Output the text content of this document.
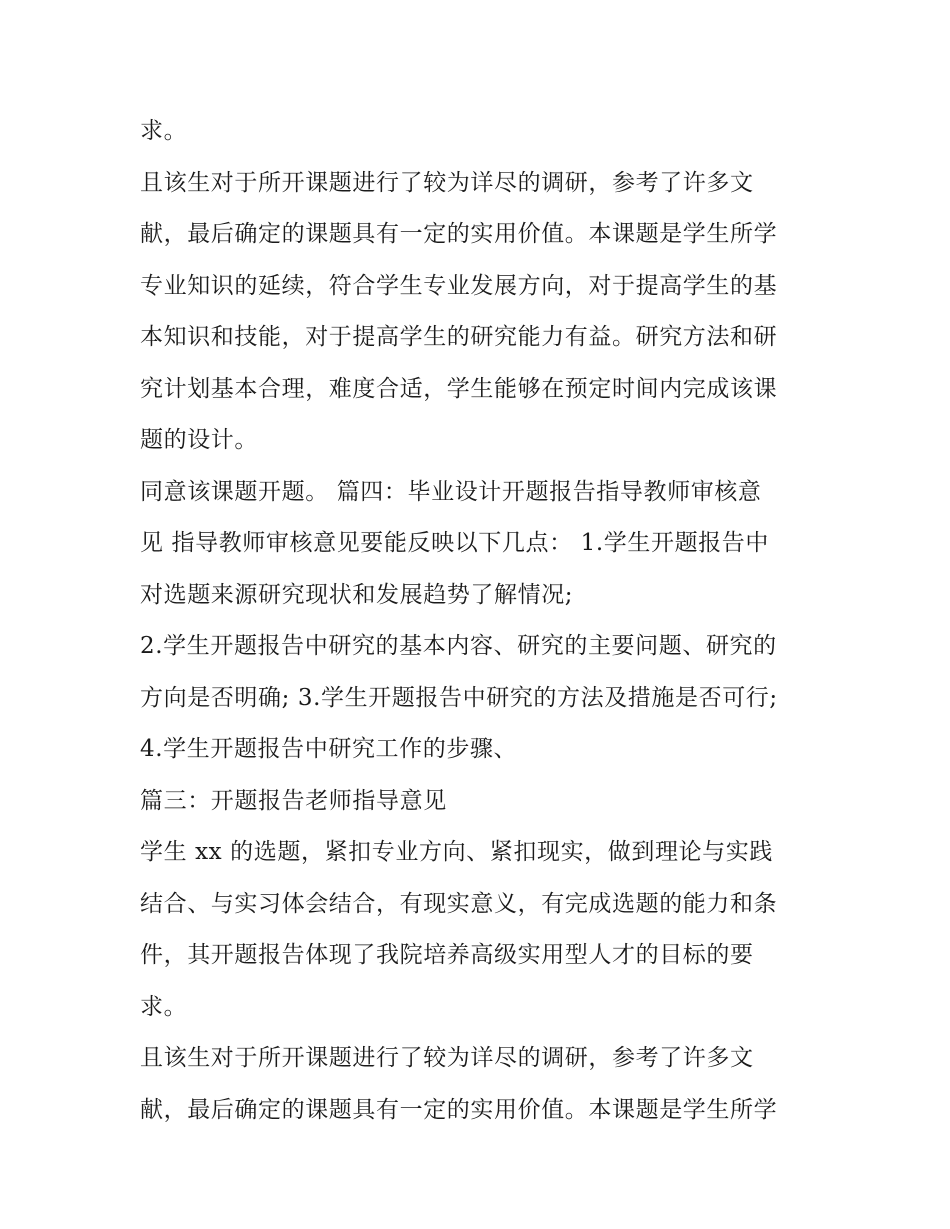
求。
且该生对于所开课题进行了较为详尽的调研，参考了许多文
献，最后确定的课题具有一定的实用价值。本课题是学生所学
专业知识的延续，符合学生专业发展方向，对于提高学生的基
本知识和技能，对于提高学生的研究能力有益。研究方法和研
究计划基本合理，难度合适，学生能够在预定时间内完成该课
题的设计。
同意该课题开题。 篇四：毕业设计开题报告指导教师审核意
见 指导教师审核意见要能反映以下几点： 1.学生开题报告中
对选题来源研究现状和发展趋势了解情况;
2.学生开题报告中研究的基本内容、研究的主要问题、研究的
方向是否明确; 3.学生开题报告中研究的方法及措施是否可行;
4.学生开题报告中研究工作的步骤、
篇三：开题报告老师指导意见
学生 xx 的选题，紧扣专业方向、紧扣现实，做到理论与实践
结合、与实习体会结合，有现实意义，有完成选题的能力和条
件，其开题报告体现了我院培养高级实用型人才的目标的要
求。
且该生对于所开课题进行了较为详尽的调研，参考了许多文
献，最后确定的课题具有一定的实用价值。本课题是学生所学
